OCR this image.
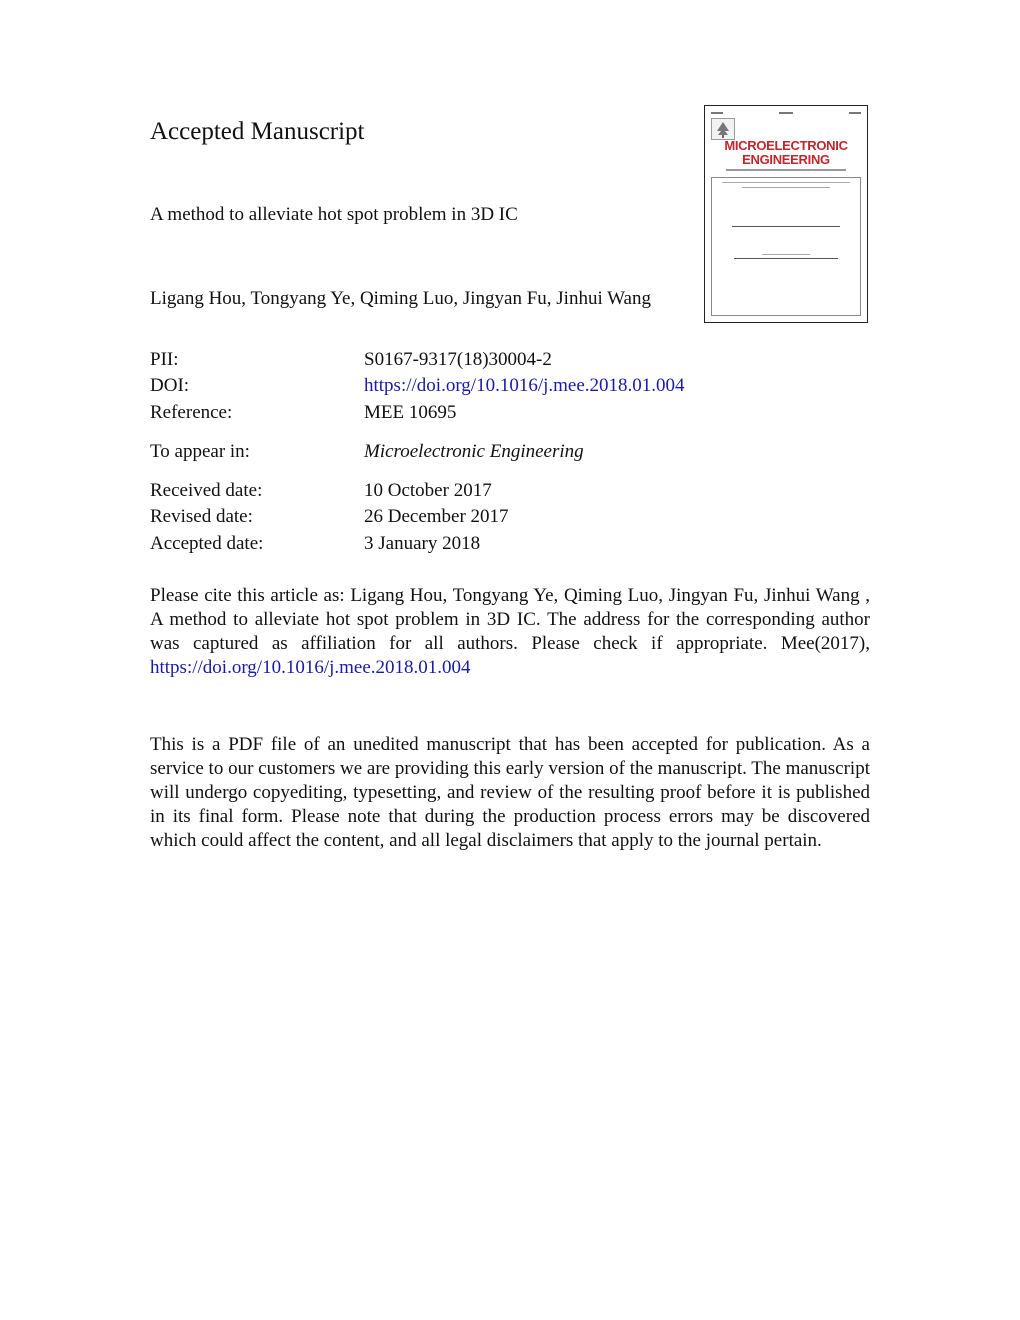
Accepted Manuscript
A method to alleviate hot spot problem in 3D IC
Ligang Hou, Tongyang Ye, Qiming Luo, Jingyan Fu, Jinhui Wang
MICROELECTRONIC
ENGINEERING
PII:	S0167-9317(18)30004-2
DOI:	https://doi.org/10.1016/j.mee.2018.01.004
Reference:	MEE 10695
To appear in:	Microelectronic Engineering
Received date:	10 October 2017
Revised date:	26 December 2017
Accepted date:	3 January 2018

Please cite this article as: Ligang Hou, Tongyang Ye, Qiming Luo, Jingyan Fu, Jinhui Wang , A method to alleviate hot spot problem in 3D IC. The address for the corresponding author was captured as affiliation for all authors. Please check if appropriate. Mee(2017), https://doi.org/10.1016/j.mee.2018.01.004

This is a PDF file of an unedited manuscript that has been accepted for publication. As a service to our customers we are providing this early version of the manuscript. The manuscript will undergo copyediting, typesetting, and review of the resulting proof before it is published in its final form. Please note that during the production process errors may be discovered which could affect the content, and all legal disclaimers that apply to the journal pertain.
